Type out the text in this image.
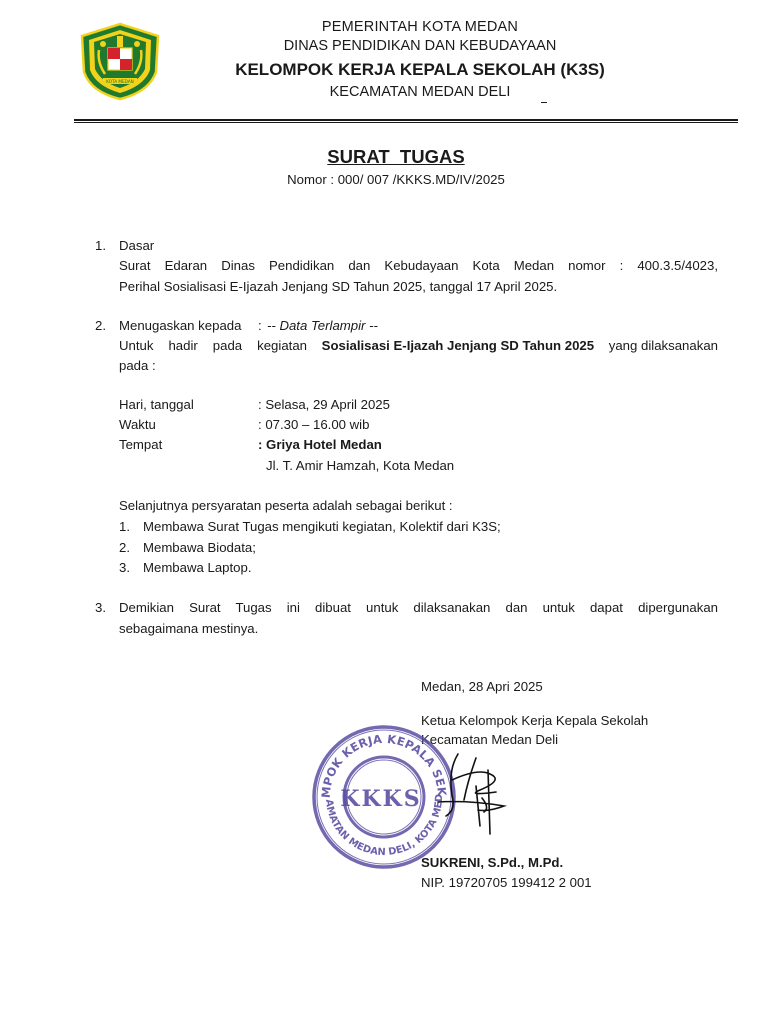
KOTA MEDAN
PEMERINTAH KOTA MEDAN
DINAS PENDIDIKAN DAN KEBUDAYAAN
KELOMPOK KERJA KEPALA SEKOLAH (K3S)
KECAMATAN MEDAN DELI
SURAT  TUGAS
Nomor : 000/ 007 /KKKS.MD/IV/2025
1. Dasar
Surat Edaran Dinas Pendidikan dan Kebudayaan Kota Medan nomor : 400.3.5/4023,
Perihal Sosialisasi E-Ijazah Jenjang SD Tahun 2025, tanggal 17 April 2025.
2. Menugaskan kepada : -- Data Terlampir --
Untuk hadir pada kegiatan Sosialisasi E-Ijazah Jenjang SD Tahun 2025 yang dilaksanakan
pada :
Hari, tanggal	: Selasa, 29 April 2025
Waktu	: 07.30 – 16.00 wib
Tempat	: Griya Hotel Medan
Jl. T. Amir Hamzah, Kota Medan
Selanjutnya persyaratan peserta adalah sebagai berikut :
1. Membawa Surat Tugas mengikuti kegiatan, Kolektif dari K3S;
2. Membawa Biodata;
3. Membawa Laptop.
3. Demikian Surat Tugas ini dibuat untuk dilaksanakan dan untuk dapat dipergunakan
sebagaimana mestinya.
Medan, 28 Apri 2025
Ketua Kelompok Kerja Kepala Sekolah
Kecamatan Medan Deli
MPOK KERJA KEPALA SEK
AMATAN MEDAN DELI, KOTA MED
KKKS
SUKRENI, S.Pd., M.Pd.
NIP. 19720705 199412 2 001
